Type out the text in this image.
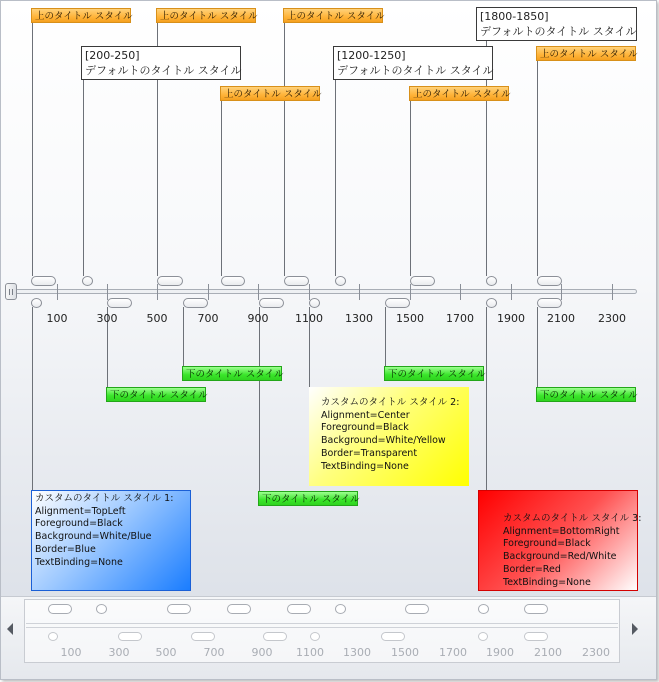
上のタイトル スタイル	上のタイトル スタイル	上のタイトル スタイル
上のタイトル スタイル	上のタイトル スタイル
上のタイトル スタイル
[200-250]
デフォルトのタイトル スタイル
[1200-1250]
デフォルトのタイトル スタイル
[1800-1850]
デフォルトのタイトル スタイル
100	300	500	700	900	1100	1300	1500	1700	1900	2100	2300
下のタイトル スタイル
下のタイトル スタイル	下のタイトル スタイル
下のタイトル スタイル
下のタイトル スタイル
カスタムのタイトル スタイル 1:
Alignment=TopLeft
Foreground=Black
Background=White/Blue
Border=Blue
TextBinding=None
カスタムのタイトル スタイル 2:
Alignment=Center
Foreground=Black
Background=White/Yellow
Border=Transparent
TextBinding=None
カスタムのタイトル スタイル 3:
Alignment=BottomRight
Foreground=Black
Background=Red/White
Border=Red
TextBinding=None
100	300	500	700	900	1100	1300	1500	1700	1900	2100	2300
